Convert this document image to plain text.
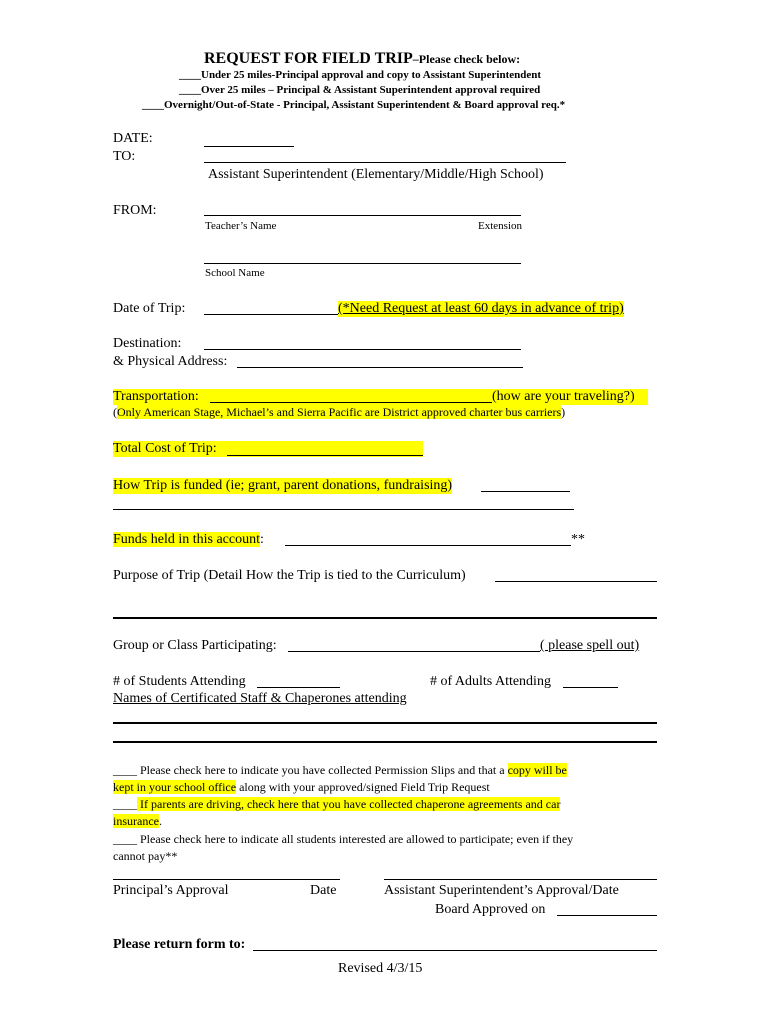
REQUEST FOR FIELD TRIP–Please check below:
____Under 25 miles-Principal approval and copy to Assistant Superintendent
____Over 25 miles – Principal & Assistant Superintendent approval required
____Overnight/Out-of-State - Principal, Assistant Superintendent & Board approval req.*
DATE:
TO:
Assistant Superintendent (Elementary/Middle/High School)
FROM:
Teacher’s Name	Extension
School Name
Date of Trip:	(*Need Request at least 60 days in advance of trip)
Destination:
& Physical Address:
Transportation:	(how are your traveling?)
(Only American Stage, Michael’s and Sierra Pacific are District approved charter bus carriers)
Total Cost of Trip:
How Trip is funded (ie; grant, parent donations, fundraising)
Funds held in this account:	**
Purpose of Trip (Detail How the Trip is tied to the Curriculum)
Group or Class Participating:	( please spell out)
# of Students Attending	# of Adults Attending
Names of Certificated Staff & Chaperones attending
____ Please check here to indicate you have collected Permission Slips and that a copy will be
kept in your school office along with your approved/signed Field Trip Request
____ If parents are driving, check here that you have collected chaperone agreements and car
insurance.
____ Please check here to indicate all students interested are allowed to participate; even if they
cannot pay**
Principal’s Approval	Date	Assistant Superintendent’s Approval/Date
Board Approved on
Please return form to:
Revised 4/3/15
